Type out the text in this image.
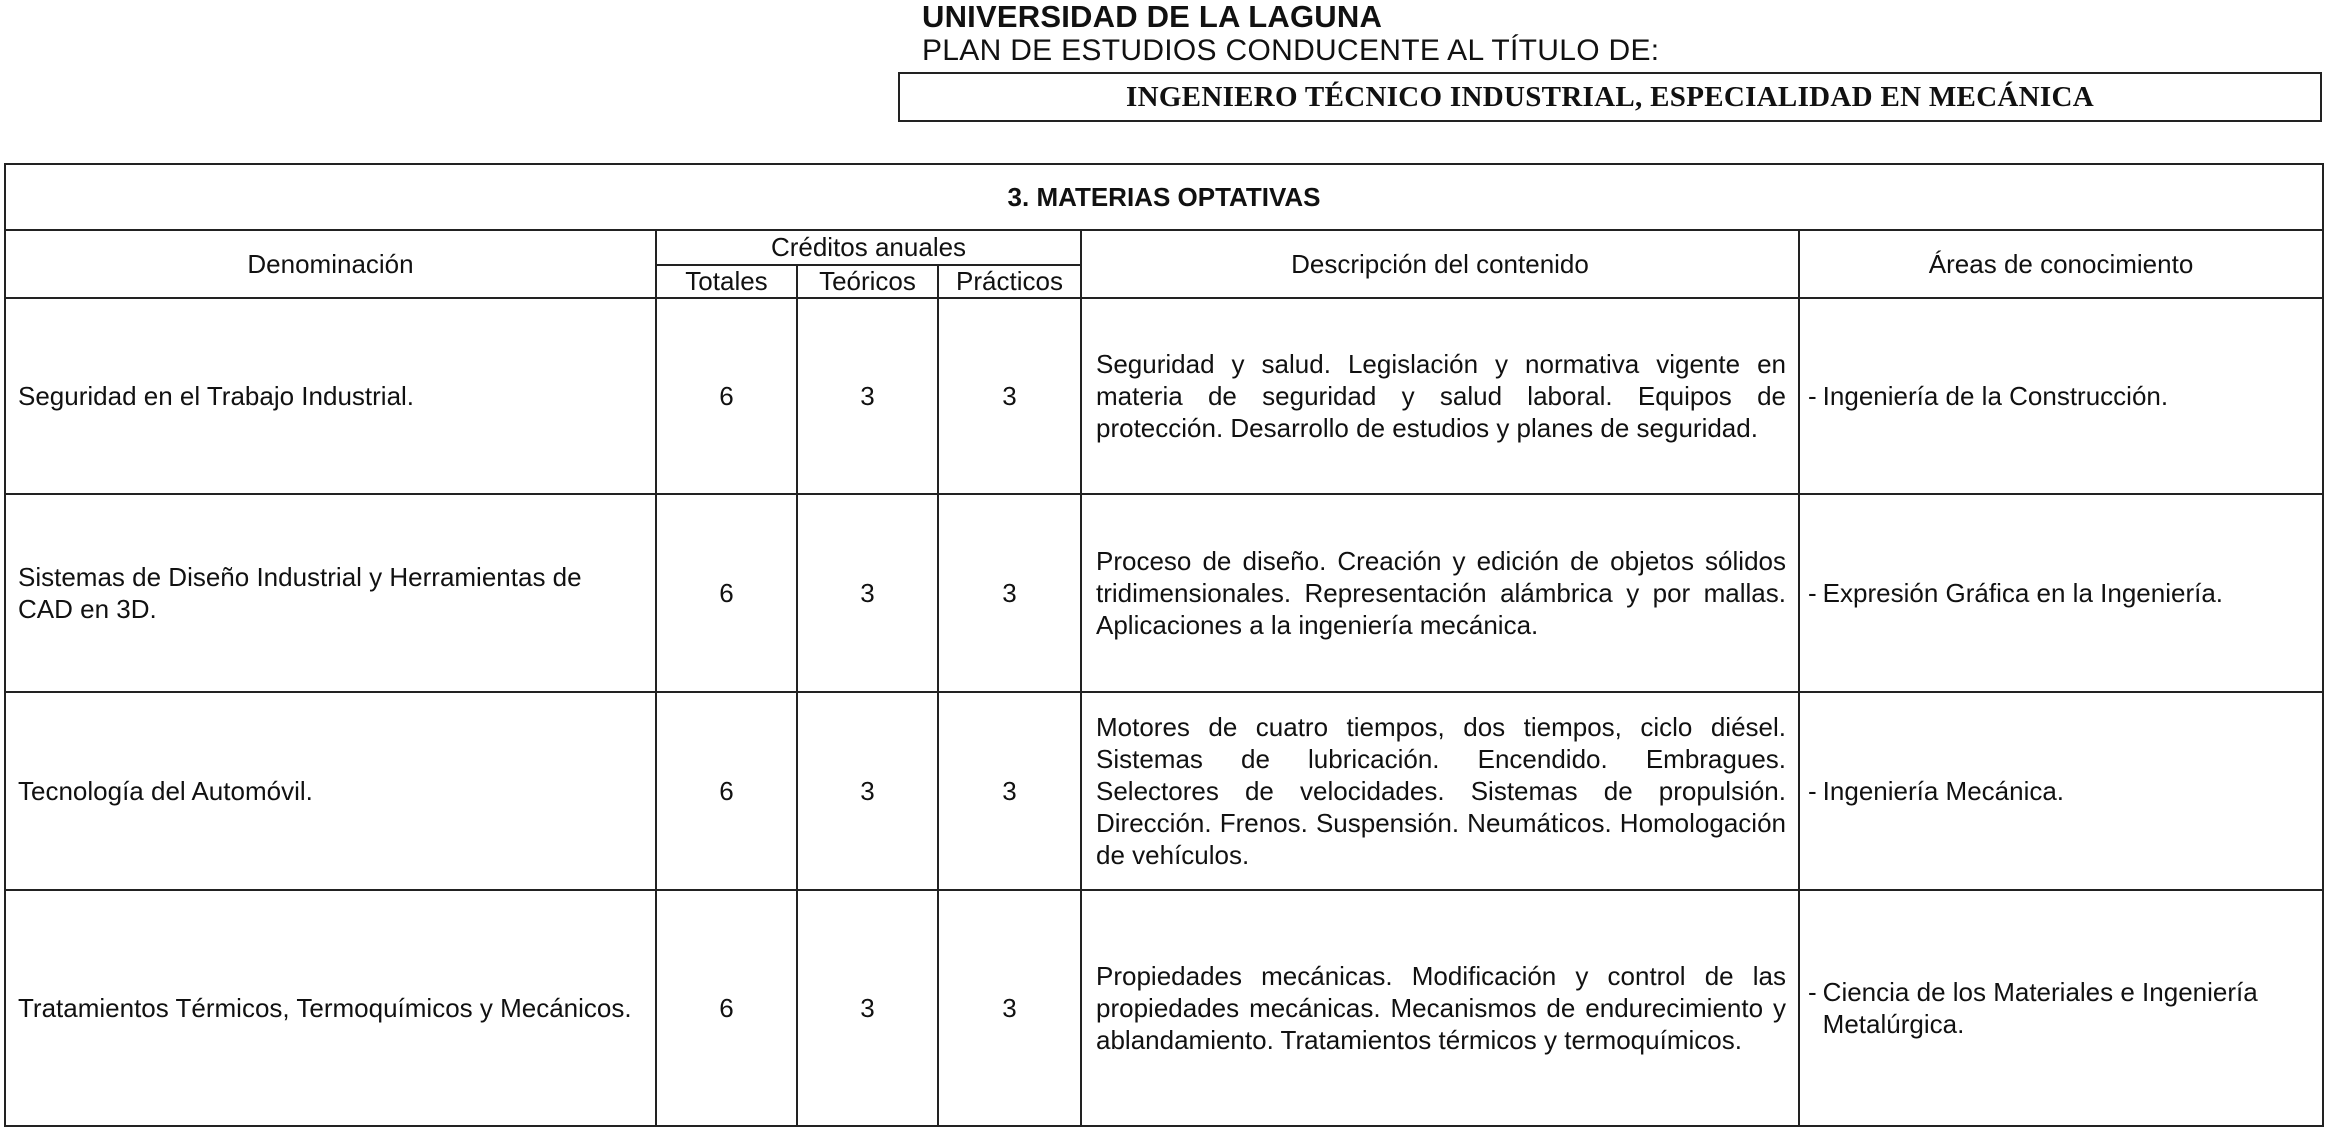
UNIVERSIDAD DE LA LAGUNA

PLAN DE ESTUDIOS CONDUCENTE AL TÍTULO DE:

INGENIERO TÉCNICO INDUSTRIAL, ESPECIALIDAD EN MECÁNICA
3. MATERIAS OPTATIVAS					
Denominación	Créditos anuales			Descripción del contenido	Áreas de conocimiento
	Totales	Teóricos	Prácticos		
Seguridad en el Trabajo Industrial.	6	3	3	Seguridad y salud. Legislación y normativa vigente en materia de seguridad y salud laboral. Equipos de protección. Desarrollo de estudios y planes de seguridad.	- Ingeniería de la Construcción.

Sistemas de Diseño Industrial y Herramientas de CAD en 3D.	6	3	3	Proceso de diseño. Creación y edición de objetos sólidos tridimensionales. Representación alámbrica y por mallas. Aplicaciones a la ingeniería mecánica.	- Expresión Gráfica en la Ingeniería.

Tecnología del Automóvil.	6	3	3	Motores de cuatro tiempos, dos tiempos, ciclo diésel. Sistemas de lubricación. Encendido. Embragues. Selectores de velocidades. Sistemas de propulsión. Dirección. Frenos. Suspensión. Neumáticos. Homologación de vehículos.	- Ingeniería Mecánica.

Tratamientos Térmicos, Termoquímicos y Mecánicos.	6	3	3	Propiedades mecánicas. Modificación y control de las propiedades mecánicas. Mecanismos de endurecimiento y ablandamiento. Tratamientos térmicos y termoquímicos.	- Ciencia de los Materiales e Ingeniería Metalúrgica.
